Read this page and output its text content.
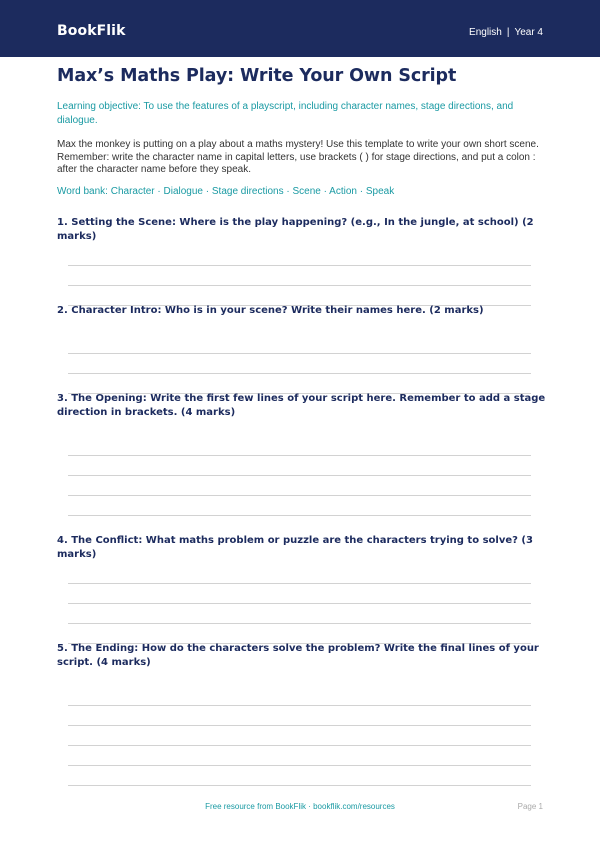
BookFlik	English | Year 4
Max’s Maths Play: Write Your Own Script
Learning objective: To use the features of a playscript, including character names, stage directions, and dialogue.
Max the monkey is putting on a play about a maths mystery! Use this template to write your own short scene. Remember: write the character name in capital letters, use brackets ( ) for stage directions, and put a colon : after the character name before they speak.
Word bank: Character · Dialogue · Stage directions · Scene · Action · Speak
1. Setting the Scene: Where is the play happening? (e.g., In the jungle, at school) (2 marks)
2. Character Intro: Who is in your scene? Write their names here. (2 marks)
3. The Opening: Write the first few lines of your script here. Remember to add a stage direction in brackets. (4 marks)
4. The Conflict: What maths problem or puzzle are the characters trying to solve? (3 marks)
5. The Ending: How do the characters solve the problem? Write the final lines of your script. (4 marks)
Free resource from BookFlik · bookflik.com/resources	Page 1
